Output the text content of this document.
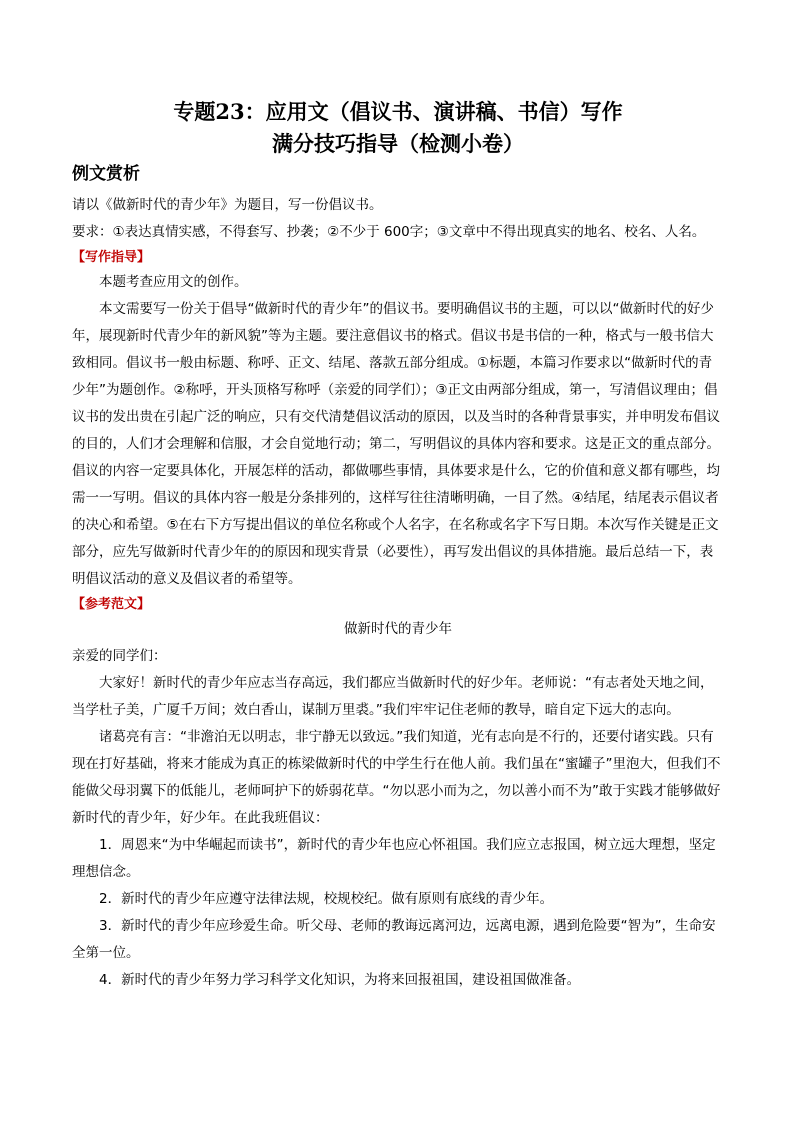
专题23：应用文（倡议书、演讲稿、书信）写作
满分技巧指导（检测小卷）
例文赏析

请以《做新时代的青少年》为题目，写一份倡议书。

要求：①表达真情实感，不得套写、抄袭；②不少于 600字；③文章中不得出现真实的地名、校名、人名。

【写作指导】

本题考查应用文的创作。

本文需要写一份关于倡导“做新时代的青少年”的倡议书。要明确倡议书的主题，可以以“做新时代的好少年，展现新时代青少年的新风貌”等为主题。要注意倡议书的格式。倡议书是书信的一种，格式与一般书信大致相同。倡议书一般由标题、称呼、正文、结尾、落款五部分组成。①标题，本篇习作要求以“做新时代的青少年”为题创作。②称呼，开头顶格写称呼（亲爱的同学们）；③正文由两部分组成，第一，写清倡议理由；倡议书的发出贵在引起广泛的响应，只有交代清楚倡议活动的原因，以及当时的各种背景事实，并申明发布倡议的目的，人们才会理解和信服，才会自觉地行动；第二，写明倡议的具体内容和要求。这是正文的重点部分。倡议的内容一定要具体化，开展怎样的活动，都做哪些事情，具体要求是什么，它的价值和意义都有哪些，均需一一写明。倡议的具体内容一般是分条排列的，这样写往往清晰明确，一目了然。④结尾，结尾表示倡议者的决心和希望。⑤在右下方写提出倡议的单位名称或个人名字，在名称或名字下写日期。本次写作关键是正文部分，应先写做新时代青少年的的原因和现实背景（必要性），再写发出倡议的具体措施。最后总结一下，表明倡议活动的意义及倡议者的希望等。

【参考范文】

做新时代的青少年

亲爱的同学们：

大家好！新时代的青少年应志当存高远，我们都应当做新时代的好少年。老师说：“有志者处天地之间，当学杜子美，广厦千万间；效白香山，谋制万里裘。”我们牢牢记住老师的教导，暗自定下远大的志向。

诸葛亮有言：“非澹泊无以明志，非宁静无以致远。”我们知道，光有志向是不行的，还要付诸实践。只有现在打好基础，将来才能成为真正的栋梁做新时代的中学生行在他人前。我们虽在“蜜罐子”里泡大，但我们不能做父母羽翼下的低能儿，老师呵护下的娇弱花草。“勿以恶小而为之，勿以善小而不为”敢于实践才能够做好新时代的青少年，好少年。在此我班倡议：

1．周恩来“为中华崛起而读书”，新时代的青少年也应心怀祖国。我们应立志报国，树立远大理想，坚定理想信念。

2．新时代的青少年应遵守法律法规，校规校纪。做有原则有底线的青少年。

3．新时代的青少年应珍爱生命。听父母、老师的教诲远离河边，远离电源，遇到危险要“智为”，生命安全第一位。

4．新时代的青少年努力学习科学文化知识，为将来回报祖国，建设祖国做准备。
